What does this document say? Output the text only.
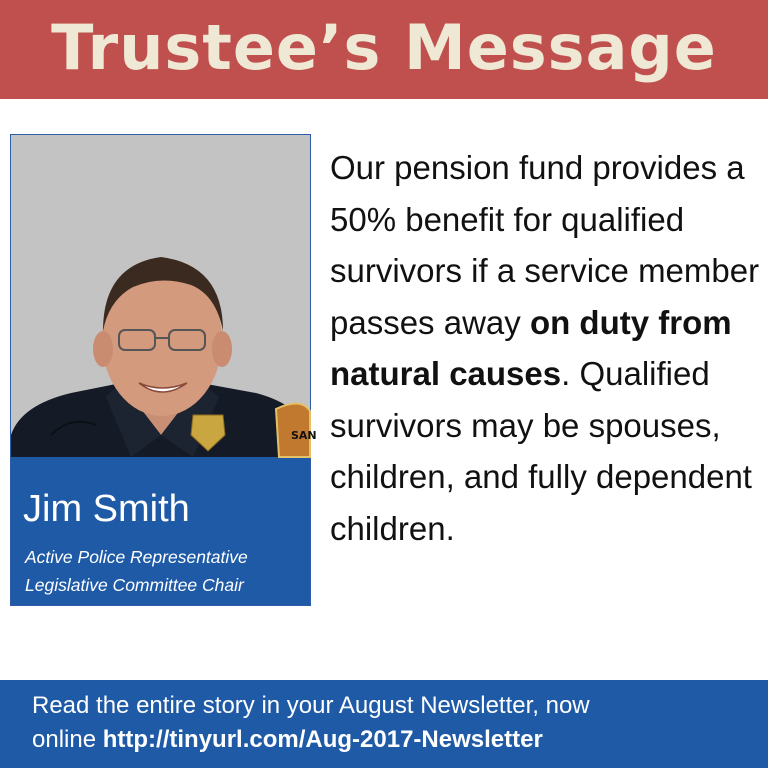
Trustee’s Message
SAN
Jim Smith
Active Police Representative
Legislative Committee Chair
Our pension fund provides a 50% benefit for qualified survivors if a service member passes away on duty from natural causes. Qualified survivors may be spouses, children, and fully dependent children.
Read the entire story in your August Newsletter, now
online http://tinyurl.com/Aug-2017-Newsletter
